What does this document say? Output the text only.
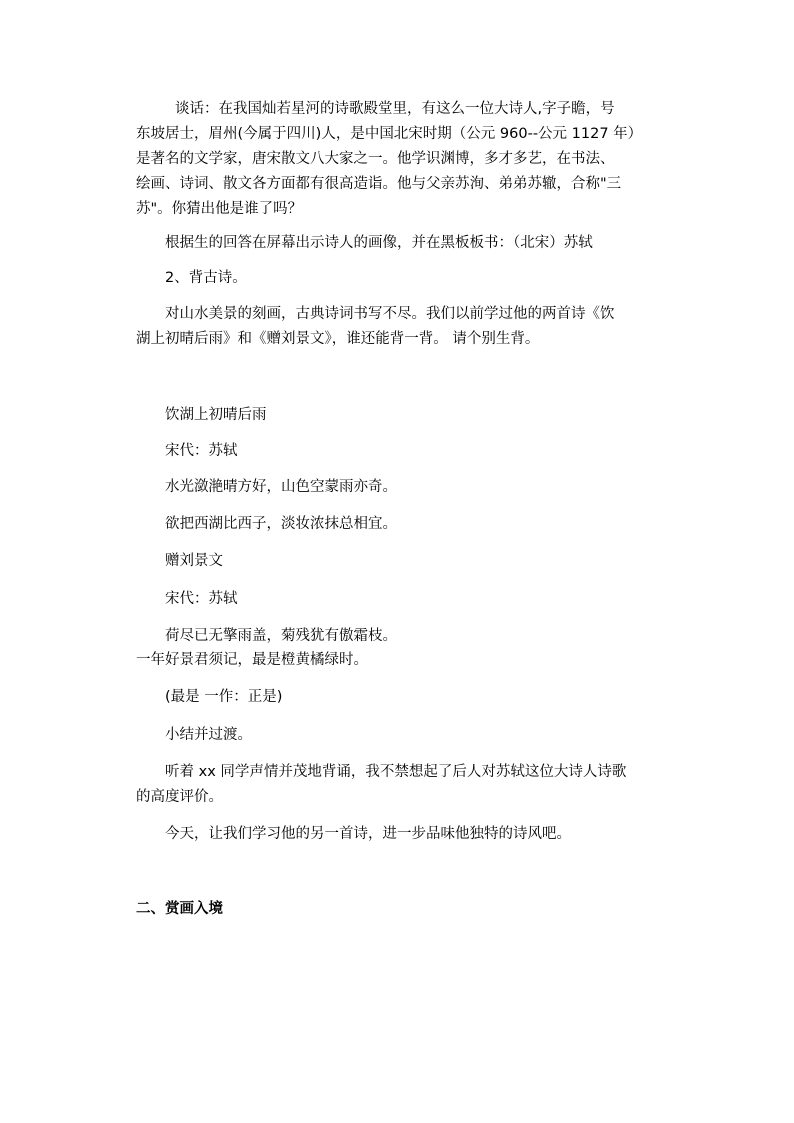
谈话：在我国灿若星河的诗歌殿堂里，有这么一位大诗人,字子瞻，号
东坡居士，眉州(今属于四川)人，是中国北宋时期（公元 960--公元 1127 年）
是著名的文学家，唐宋散文八大家之一。他学识渊博，多才多艺，在书法、
绘画、诗词、散文各方面都有很高造诣。他与父亲苏洵、弟弟苏辙，合称"三
苏"。你猜出他是谁了吗？
根据生的回答在屏幕出示诗人的画像，并在黑板板书：（北宋）苏轼
2、背古诗。
对山水美景的刻画，古典诗词书写不尽。我们以前学过他的两首诗《饮
湖上初晴后雨》和《赠刘景文》，谁还能背一背。 请个别生背。
饮湖上初晴后雨
宋代：苏轼
水光潋滟晴方好，山色空蒙雨亦奇。
欲把西湖比西子，淡妆浓抹总相宜。
赠刘景文
宋代：苏轼
荷尽已无擎雨盖，菊残犹有傲霜枝。
一年好景君须记，最是橙黄橘绿时。
(最是 一作：正是)
小结并过渡。
听着 xx 同学声情并茂地背诵，我不禁想起了后人对苏轼这位大诗人诗歌
的高度评价。
今天，让我们学习他的另一首诗，进一步品味他独特的诗风吧。
二、赏画入境
